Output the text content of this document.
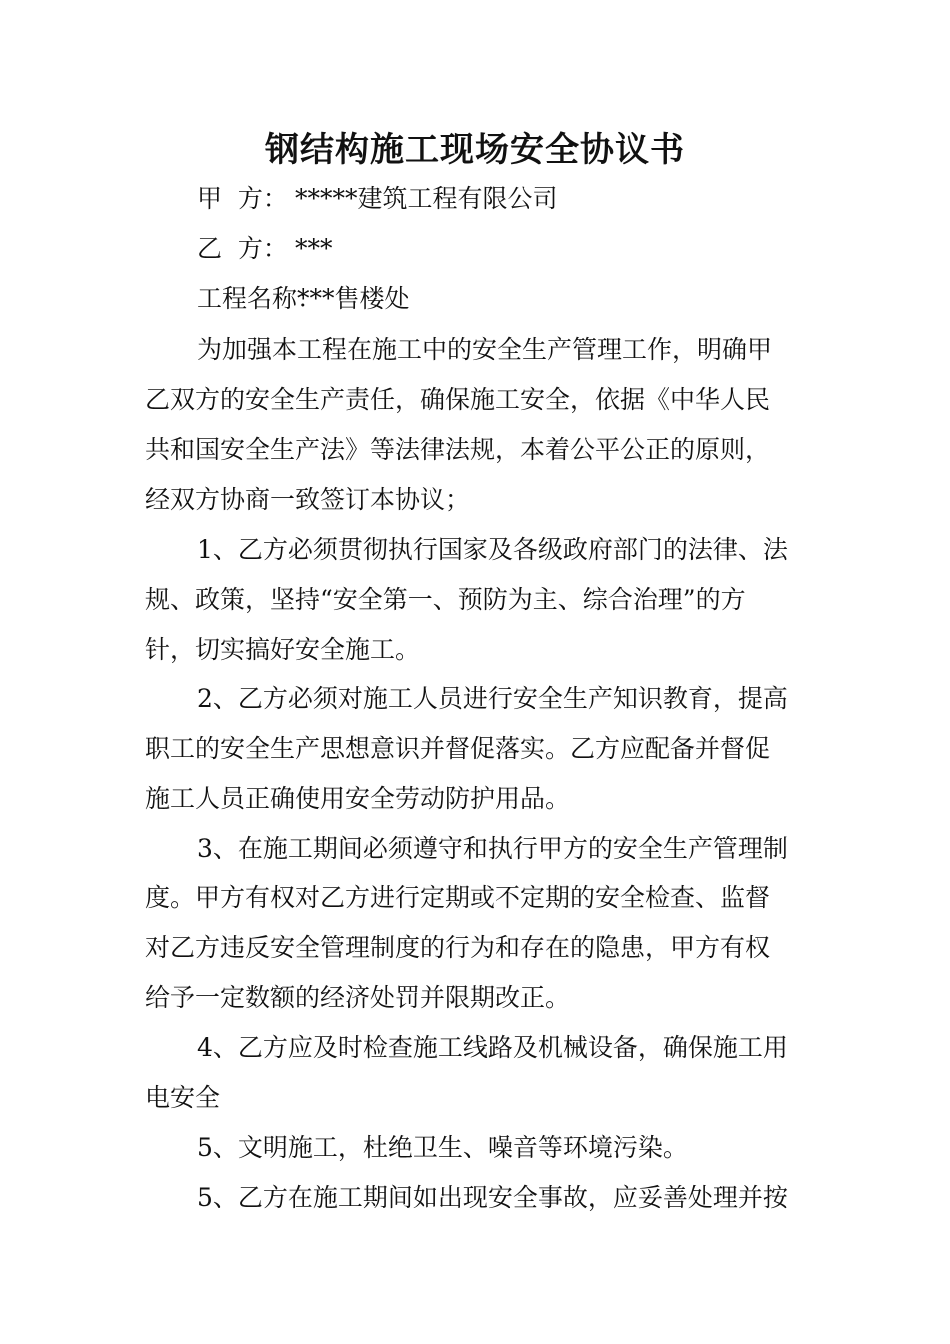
钢结构施工现场安全协议书
甲  方： *****建筑工程有限公司
乙  方： ***
工程名称：***售楼处
为加强本工程在施工中的安全生产管理工作，明确甲
乙双方的安全生产责任，确保施工安全，依据《中华人民
共和国安全生产法》等法律法规，本着公平公正的原则，
经双方协商一致签订本协议；
1、乙方必须贯彻执行国家及各级政府部门的法律、法
规、政策，坚持“安全第一、预防为主、综合治理”的方
针，切实搞好安全施工。
2、乙方必须对施工人员进行安全生产知识教育，提高
职工的安全生产思想意识并督促落实。乙方应配备并督促
施工人员正确使用安全劳动防护用品。
3、在施工期间必须遵守和执行甲方的安全生产管理制
度。甲方有权对乙方进行定期或不定期的安全检查、监督
对乙方违反安全管理制度的行为和存在的隐患，甲方有权
给予一定数额的经济处罚并限期改正。
4、乙方应及时检查施工线路及机械设备，确保施工用
电安全
5、文明施工，杜绝卫生、噪音等环境污染。
5、乙方在施工期间如出现安全事故，应妥善处理并按
